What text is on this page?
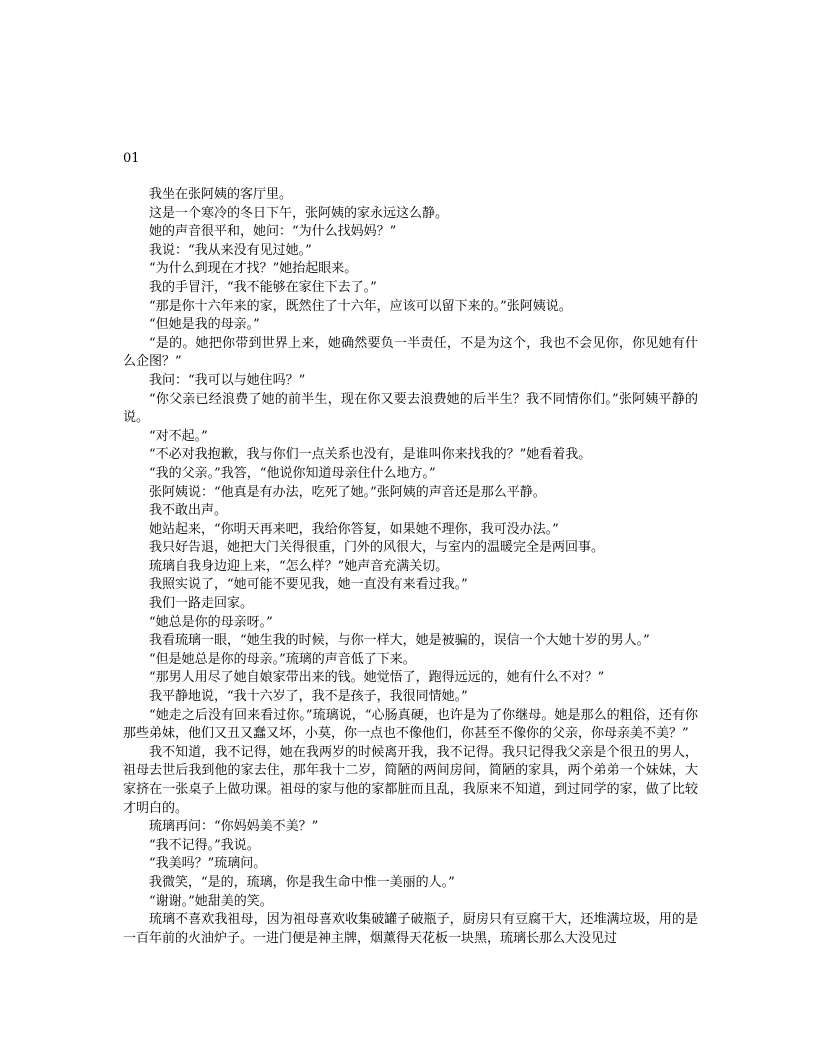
01

我坐在张阿姨的客厅里。

这是一个寒冷的冬日下午，张阿姨的家永远这么静。

她的声音很平和，她问：“为什么找妈妈？”

我说：“我从来没有见过她。”

“为什么到现在才找？”她抬起眼来。

我的手冒汗，“我不能够在家住下去了。”

“那是你十六年来的家，既然住了十六年，应该可以留下来的。”张阿姨说。

“但她是我的母亲。”

“是的。她把你带到世界上来，她确然要负一半责任，不是为这个，我也不会见你，你见她有什么企图？”

我问：“我可以与她住吗？”

“你父亲已经浪费了她的前半生，现在你又要去浪费她的后半生？我不同情你们。”张阿姨平静的说。

“对不起。”

“不必对我抱歉，我与你们一点关系也没有，是谁叫你来找我的？”她看着我。

“我的父亲。”我答，“他说你知道母亲住什么地方。”

张阿姨说：“他真是有办法，吃死了她。”张阿姨的声音还是那么平静。

我不敢出声。

她站起来，“你明天再来吧，我给你答复，如果她不理你，我可没办法。”

我只好告退，她把大门关得很重，门外的风很大，与室内的温暖完全是两回事。

琉璃自我身边迎上来，“怎么样？”她声音充满关切。

我照实说了，“她可能不要见我，她一直没有来看过我。”

我们一路走回家。

“她总是你的母亲呀。”

我看琉璃一眼，“她生我的时候，与你一样大，她是被骗的，误信一个大她十岁的男人。”

“但是她总是你的母亲。”琉璃的声音低了下来。

“那男人用尽了她自娘家带出来的钱。她觉悟了，跑得远远的，她有什么不对？”

我平静地说，“我十六岁了，我不是孩子，我很同情她。”

“她走之后没有回来看过你。”琉璃说，“心肠真硬，也许是为了你继母。她是那么的粗俗，还有你那些弟妹，他们又丑又蠢又坏，小莫，你一点也不像他们，你甚至不像你的父亲，你母亲美不美？”

我不知道，我不记得，她在我两岁的时候离开我，我不记得。我只记得我父亲是个很丑的男人，祖母去世后我到他的家去住，那年我十二岁，简陋的两间房间，简陋的家具，两个弟弟一个妹妹，大家挤在一张桌子上做功课。祖母的家与他的家都脏而且乱，我原来不知道，到过同学的家，做了比较才明白的。

琉璃再问：“你妈妈美不美？”

“我不记得。”我说。

“我美吗？”琉璃问。

我微笑，“是的，琉璃，你是我生命中惟一美丽的人。”

“谢谢。”她甜美的笑。

琉璃不喜欢我祖母，因为祖母喜欢收集破罐子破瓶子，厨房只有豆腐干大，还堆满垃圾，用的是一百年前的火油炉子。一进门便是神主牌，烟薰得天花板一块黑，琉璃长那么大没见过
